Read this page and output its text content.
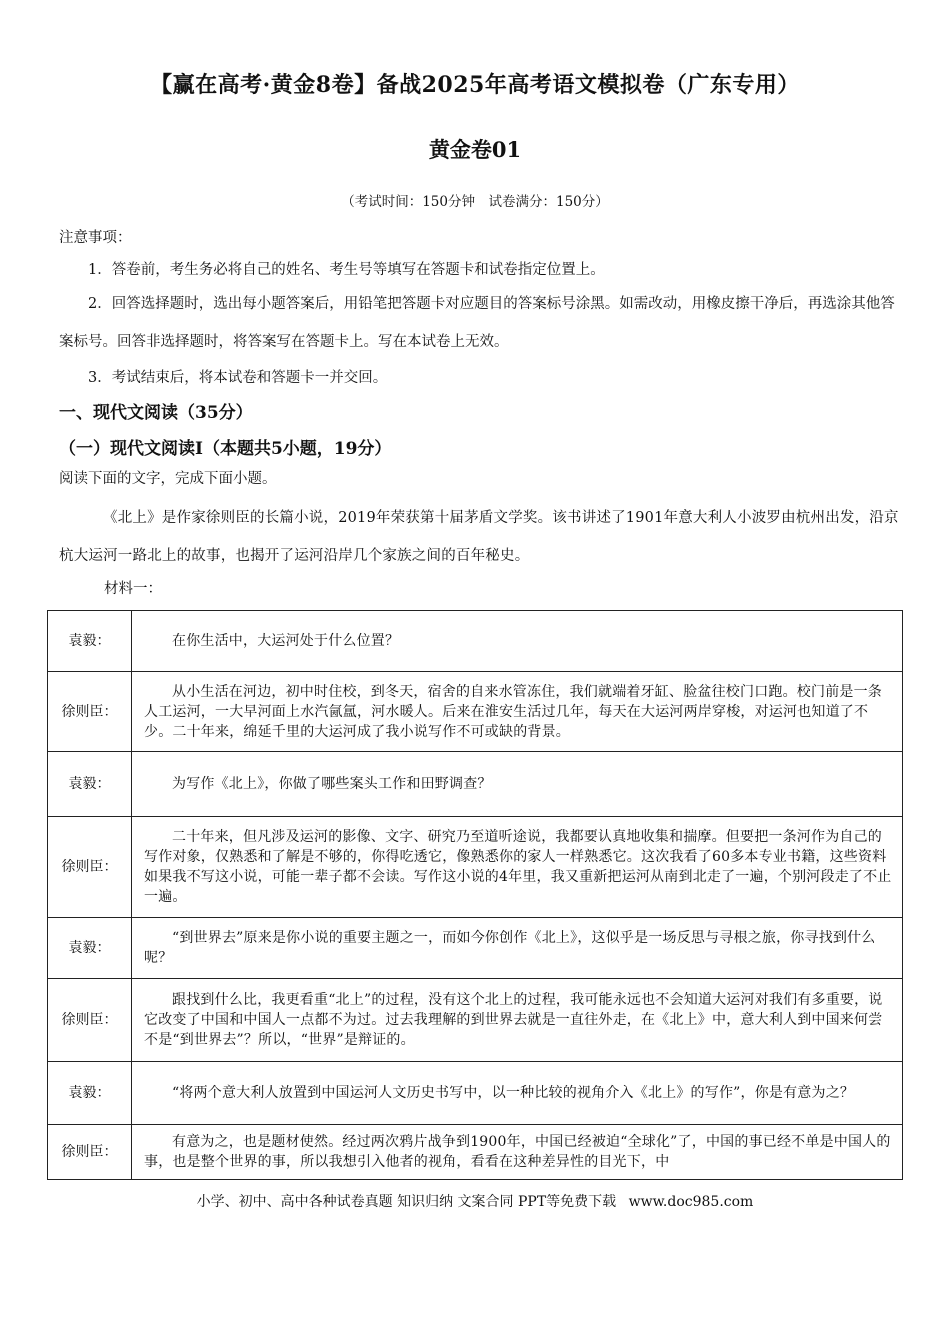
【赢在高考·黄金8卷】备战2025年高考语文模拟卷（广东专用）
黄金卷01
（考试时间：150分钟　试卷满分：150分）
注意事项：
1．答卷前，考生务必将自己的姓名、考生号等填写在答题卡和试卷指定位置上。
2．回答选择题时，选出每小题答案后，用铅笔把答题卡对应题目的答案标号涂黑。如需改动，用橡皮擦干净后，再选涂其他答案标号。回答非选择题时，将答案写在答题卡上。写在本试卷上无效。
3．考试结束后，将本试卷和答题卡一并交回。
一、现代文阅读（35分）
（一）现代文阅读Ⅰ（本题共5小题，19分）
阅读下面的文字，完成下面小题。
《北上》是作家徐则臣的长篇小说，2019年荣获第十届茅盾文学奖。该书讲述了1901年意大利人小波罗由杭州出发，沿京杭大运河一路北上的故事，也揭开了运河沿岸几个家族之间的百年秘史。
材料一：
袁毅：	在你生活中，大运河处于什么位置？
徐则臣：	从小生活在河边，初中时住校，到冬天，宿舍的自来水管冻住，我们就端着牙缸、脸盆往校门口跑。校门前是一条人工运河，一大早河面上水汽氤氲，河水暖人。后来在淮安生活过几年，每天在大运河两岸穿梭，对运河也知道了不少。二十年来，绵延千里的大运河成了我小说写作不可或缺的背景。
袁毅：	为写作《北上》，你做了哪些案头工作和田野调查？
徐则臣：	二十年来，但凡涉及运河的影像、文字、研究乃至道听途说，我都要认真地收集和揣摩。但要把一条河作为自己的写作对象，仅熟悉和了解是不够的，你得吃透它，像熟悉你的家人一样熟悉它。这次我看了60多本专业书籍，这些资料如果我不写这小说，可能一辈子都不会读。写作这小说的4年里，我又重新把运河从南到北走了一遍，个别河段走了不止一遍。
袁毅：	“到世界去”原来是你小说的重要主题之一，而如今你创作《北上》，这似乎是一场反思与寻根之旅，你寻找到什么呢？
徐则臣：	跟找到什么比，我更看重“北上”的过程，没有这个北上的过程，我可能永远也不会知道大运河对我们有多重要，说它改变了中国和中国人一点都不为过。过去我理解的到世界去就是一直往外走，在《北上》中，意大利人到中国来何尝不是“到世界去”？所以，“世界”是辩证的。
袁毅：	“将两个意大利人放置到中国运河人文历史书写中，以一种比较的视角介入《北上》的写作”，你是有意为之？
徐则臣：	有意为之，也是题材使然。经过两次鸦片战争到1900年，中国已经被迫“全球化”了，中国的事已经不单是中国人的事，也是整个世界的事，所以我想引入他者的视角，看看在这种差异性的目光下，中
小学、初中、高中各种试卷真题 知识归纳 文案合同 PPT等免费下载 www.doc985.com
